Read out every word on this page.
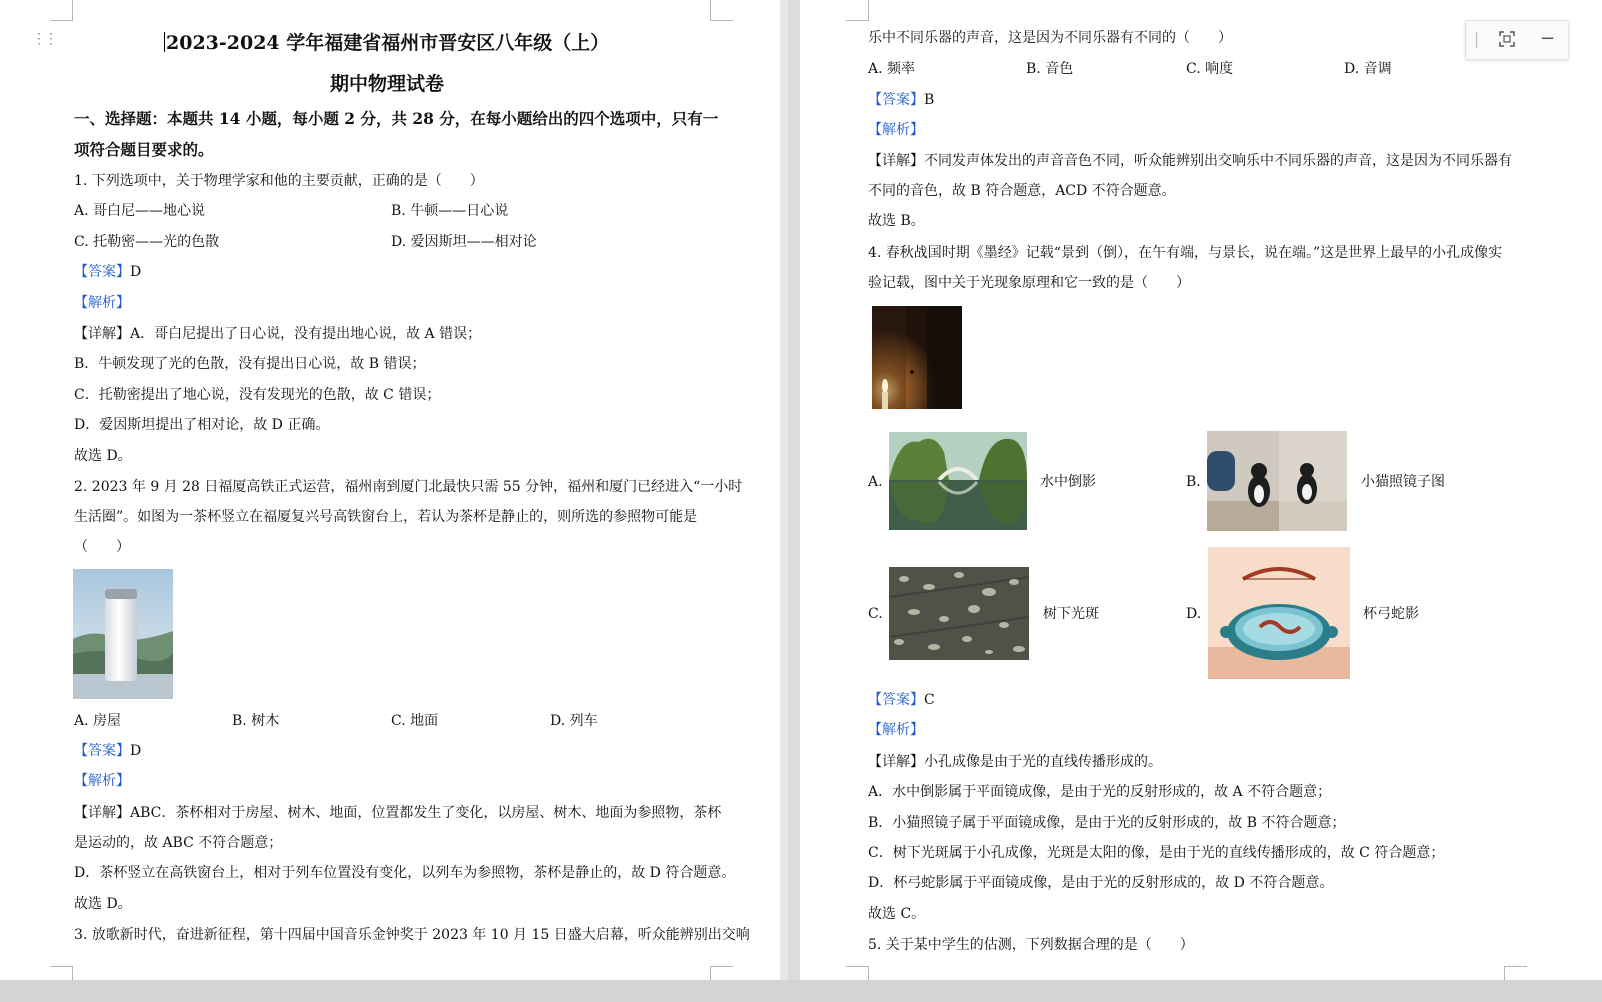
⋮⋮	2023-2024 学年福建省福州市晋安区八年级（上）
期中物理试卷
一、选择题：本题共 14 小题，每小题 2 分，共 28 分，在每小题给出的四个选项中，只有一
项符合题目要求的。
1. 下列选项中，关于物理学家和他的主要贡献，正确的是（　　）
A. 哥白尼——地心说	B. 牛顿——日心说
C. 托勒密——光的色散	D. 爱因斯坦——相对论
【答案】D
【解析】
【详解】A．哥白尼提出了日心说，没有提出地心说，故 A 错误；
B．牛顿发现了光的色散，没有提出日心说，故 B 错误；
C．托勒密提出了地心说，没有发现光的色散，故 C 错误；
D．爱因斯坦提出了相对论，故 D 正确。
故选 D。
2. 2023 年 9 月 28 日福厦高铁正式运营，福州南到厦门北最快只需 55 分钟，福州和厦门已经进入“一小时
生活圈”。如图为一茶杯竖立在福厦复兴号高铁窗台上，若认为茶杯是静止的，则所选的参照物可能是
（　　）
A. 房屋	B. 树木	C. 地面	D. 列车
【答案】D
【解析】
【详解】ABC．茶杯相对于房屋、树木、地面，位置都发生了变化，以房屋、树木、地面为参照物，茶杯
是运动的，故 ABC 不符合题意；
D．茶杯竖立在高铁窗台上，相对于列车位置没有变化，以列车为参照物，茶杯是静止的，故 D 符合题意。
故选 D。
3. 放歌新时代，奋进新征程，第十四届中国音乐金钟奖于 2023 年 10 月 15 日盛大启幕，听众能辨别出交响
乐中不同乐器的声音，这是因为不同乐器有不同的（　　）
A. 频率	B. 音色	C. 响度	D. 音调
【答案】B
【解析】
【详解】不同发声体发出的声音音色不同，听众能辨别出交响乐中不同乐器的声音，这是因为不同乐器有
不同的音色，故 B 符合题意，ACD 不符合题意。
故选 B。
4. 春秋战国时期《墨经》记载“景到（倒），在午有端，与景长，说在端。”这是世界上最早的小孔成像实
验记载，图中关于光现象原理和它一致的是（　　）
A.	水中倒影	B.	小猫照镜子图
C.	树下光斑	D.	杯弓蛇影
【答案】C
【解析】
【详解】小孔成像是由于光的直线传播形成的。
A．水中倒影属于平面镜成像，是由于光的反射形成的，故 A 不符合题意；
B．小猫照镜子属于平面镜成像，是由于光的反射形成的，故 B 不符合题意；
C．树下光斑属于小孔成像，光斑是太阳的像，是由于光的直线传播形成的，故 C 符合题意；
D．杯弓蛇影属于平面镜成像，是由于光的反射形成的，故 D 不符合题意。
故选 C。
5. 关于某中学生的估测，下列数据合理的是（　　）
|	−
